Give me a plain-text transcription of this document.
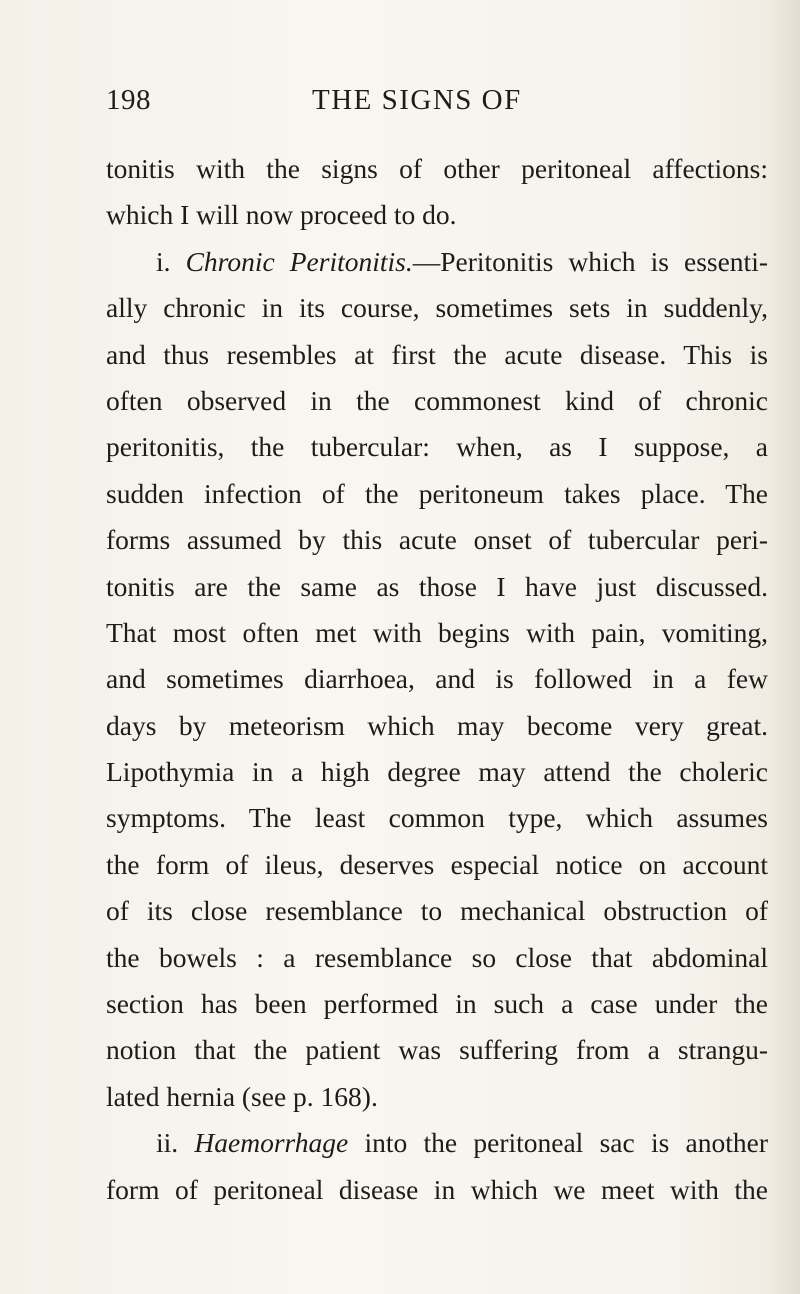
198	THE SIGNS OF
tonitis with the signs of other peritoneal affections:
which I will now proceed to do.
i. Chronic Peritonitis.—Peritonitis which is essenti-
ally chronic in its course, sometimes sets in suddenly,
and thus resembles at first the acute disease. This is
often observed in the commonest kind of chronic
peritonitis, the tubercular: when, as I suppose, a
sudden infection of the peritoneum takes place. The
forms assumed by this acute onset of tubercular peri-
tonitis are the same as those I have just discussed.
That most often met with begins with pain, vomiting,
and sometimes diarrhoea, and is followed in a few
days by meteorism which may become very great.
Lipothymia in a high degree may attend the choleric
symptoms. The least common type, which assumes
the form of ileus, deserves especial notice on account
of its close resemblance to mechanical obstruction of
the bowels : a resemblance so close that abdominal
section has been performed in such a case under the
notion that the patient was suffering from a strangu-
lated hernia (see p. 168).
ii. Haemorrhage into the peritoneal sac is another
form of peritoneal disease in which we meet with the
